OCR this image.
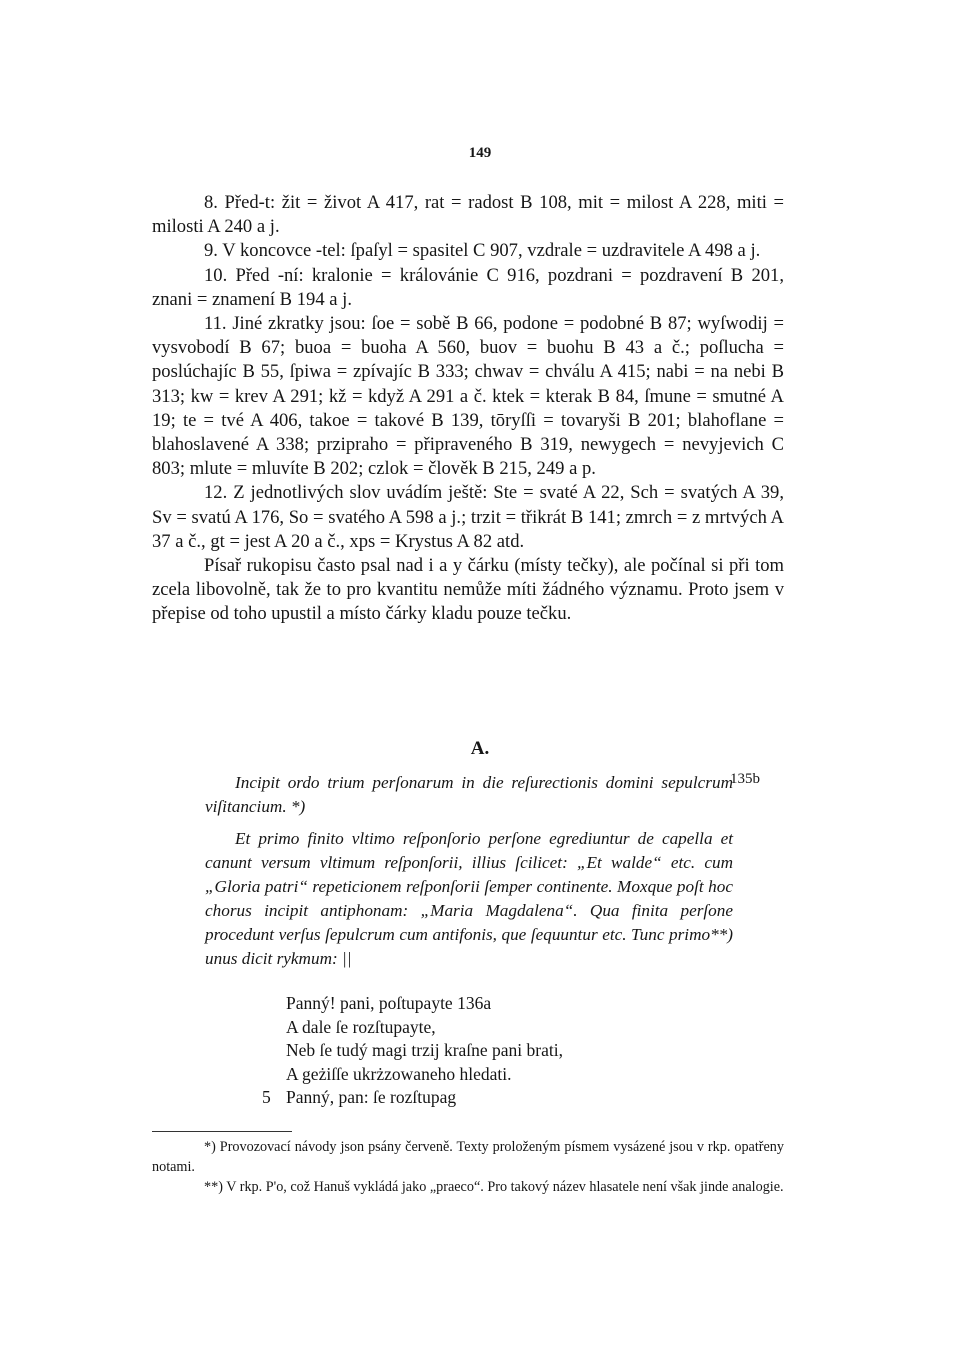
149

8. Před-t: žit = život A 417, rat = radost B 108, mit = milost A 228, miti = milosti A 240 a j.

9. V koncovce -tel: ſpaſyl = spasitel C 907, vzdrale = uzdravitele A 498 a j.

10. Před -ní: kralonie = královánie C 916, pozdrani = pozdravení B 201, znani = znamení B 194 a j.

11. Jiné zkratky jsou: ſoe = sobě B 66, podone = podobné B 87; wyſwodij = vysvobodí B 67; buoa = buoha A 560, buov = buohu B 43 a č.; poſlucha = poslúchajíc B 55, ſpiwa = zpívajíc B 333; chwav = chválu A 415; nabi = na nebi B 313; kw = krev A 291; kž = když A 291 a č. ktek = kterak B 84, ſmune = smutné A 19; te = tvé A 406, takoe = takové B 139, tōryſſi = tovaryši B 201; blahoflane = blahoslavené A 338; przipraho = připraveného B 319, newygech = nevyjevich C 803; mlute = mluvíte B 202; czlok = člověk B 215, 249 a p.

12. Z jednotlivých slov uvádím ještě: Ste = svaté A 22, Sch = svatých A 39, Sv = svatú A 176, So = svatého A 598 a j.; trzit = třikrát B 141; zmrch = z mrtvých A 37 a č., gt = jest A 20 a č., xps = Krystus A 82 atd.

Písař rukopisu často psal nad i a y čárku (místy tečky), ale počínal si při tom zcela libovolně, tak že to pro kvantitu nemůže míti žádného významu. Proto jsem v přepise od toho upustil a místo čárky kladu pouze tečku.

A.

Incipit ordo trium perſonarum in die reſurectionis domini sepulcrum viſitancium. *)

Et primo finito vltimo reſponſorio perſone egrediuntur de capella et canunt versum vltimum reſponſorii, illius ſcilicet: „Et walde“ etc. cum „Gloria patri“ repeticionem reſponſorii ſemper continente. Moxque poſt hoc chorus incipit antiphonam: „Maria Magdalena“. Qua finita perſone procedunt verſus ſepulcrum cum antifonis, que ſequuntur etc. Tunc primo**) unus dicit rykmum: ||

135b
Panný! pani, poſtupayte 136a
A dale ſe rozſtupayte,
Neb ſe tudý magi trzij kraſne pani brati,
A geżiſſe ukrżzowaneho hledati.
5 Panný, pan: ſe rozſtupag

*) Provozovací návody json psány červeně. Texty proloženým písmem vysázené jsou v rkp. opatřeny notami.

**) V rkp. P'o, což Hanuš vykládá jako „praeco“. Pro takový název hlasatele není však jinde analogie.
